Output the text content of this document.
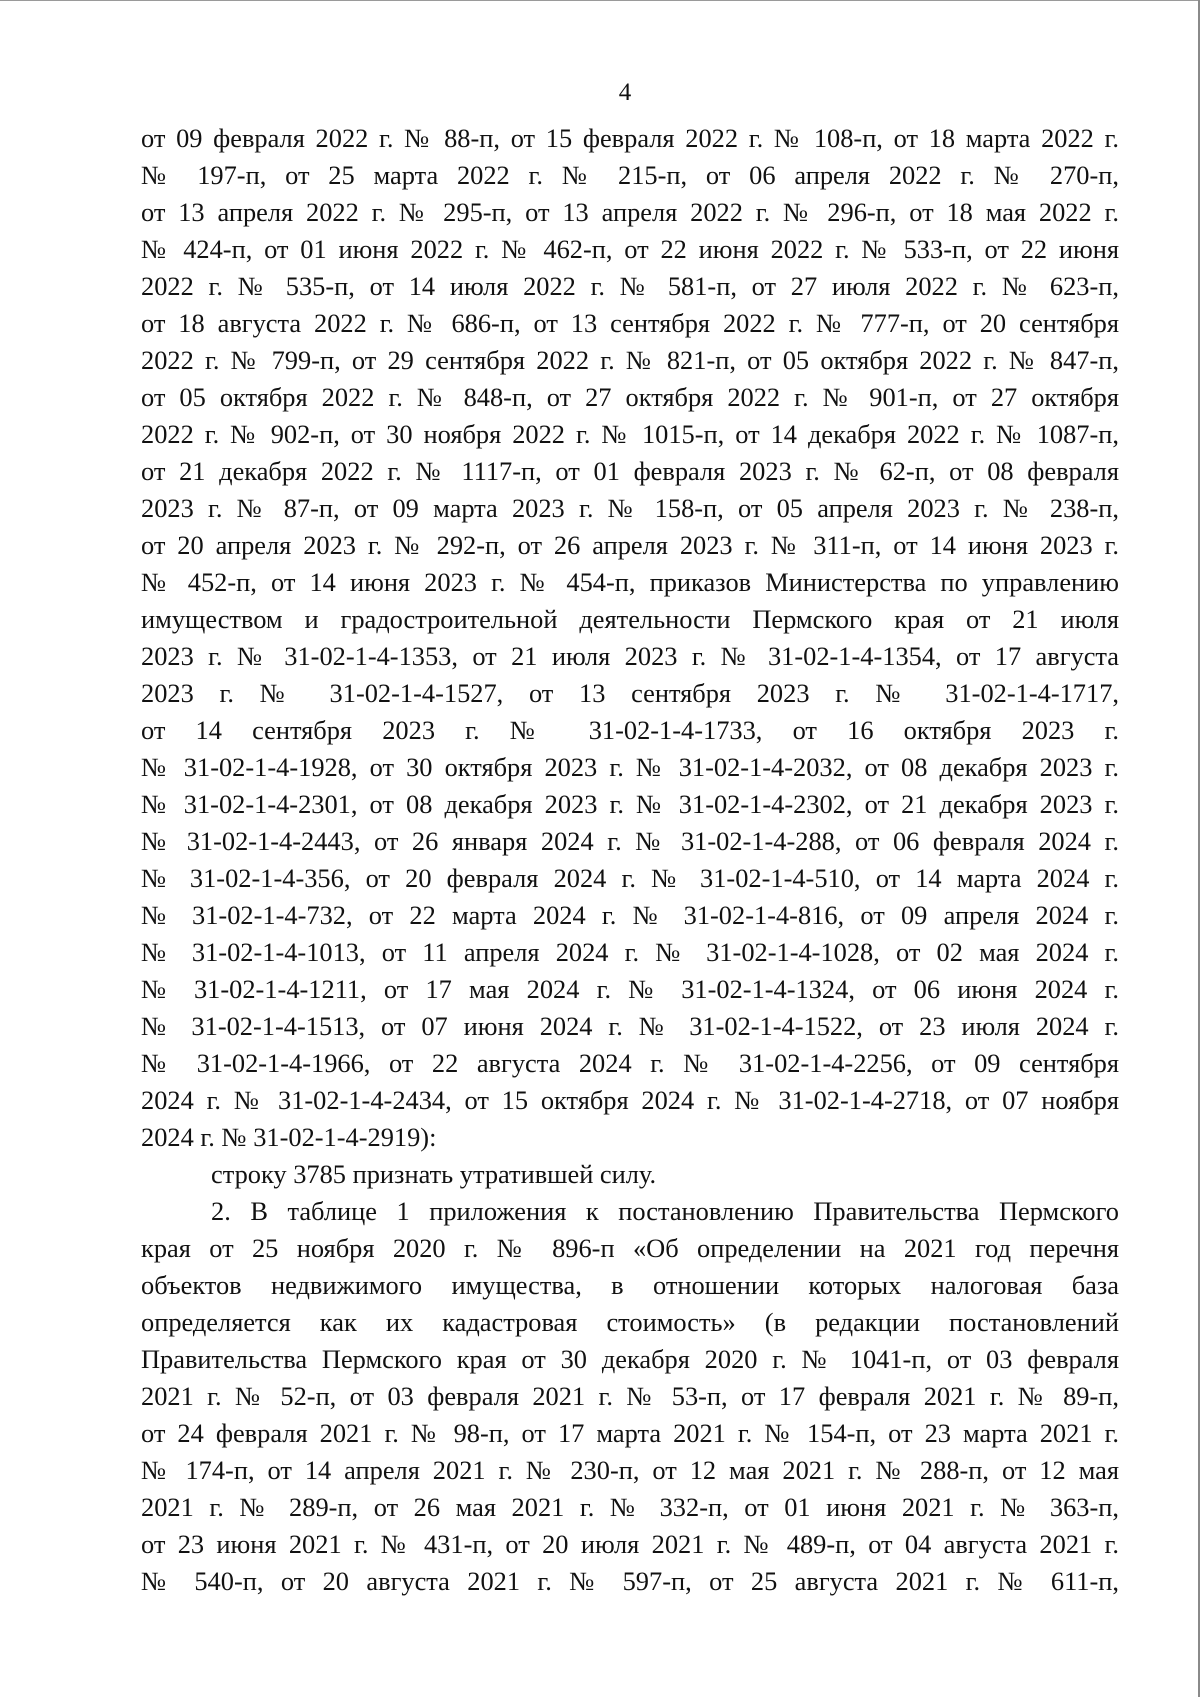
4
от 09 февраля 2022 г. № 88-п, от 15 февраля 2022 г. № 108-п, от 18 марта 2022 г.
№ 197-п, от 25 марта 2022 г. № 215-п, от 06 апреля 2022 г. № 270-п,
от 13 апреля 2022 г. № 295-п, от 13 апреля 2022 г. № 296-п, от 18 мая 2022 г.
№ 424-п, от 01 июня 2022 г. № 462-п, от 22 июня 2022 г. № 533-п, от 22 июня
2022 г. № 535-п, от 14 июля 2022 г. № 581-п, от 27 июля 2022 г. № 623-п,
от 18 августа 2022 г. № 686-п, от 13 сентября 2022 г. № 777-п, от 20 сентября
2022 г. № 799-п, от 29 сентября 2022 г. № 821-п, от 05 октября 2022 г. № 847-п,
от 05 октября 2022 г. № 848-п, от 27 октября 2022 г. № 901-п, от 27 октября
2022 г. № 902-п, от 30 ноября 2022 г. № 1015-п, от 14 декабря 2022 г. № 1087-п,
от 21 декабря 2022 г. № 1117-п, от 01 февраля 2023 г. № 62-п, от 08 февраля
2023 г. № 87-п, от 09 марта 2023 г. № 158-п, от 05 апреля 2023 г. № 238-п,
от 20 апреля 2023 г. № 292-п, от 26 апреля 2023 г. № 311-п, от 14 июня 2023 г.
№ 452-п, от 14 июня 2023 г. № 454-п, приказов Министерства по управлению
имуществом и градостроительной деятельности Пермского края от 21 июля
2023 г. № 31-02-1-4-1353, от 21 июля 2023 г. № 31-02-1-4-1354, от 17 августа
2023 г. № 31-02-1-4-1527, от 13 сентября 2023 г. № 31-02-1-4-1717,
от 14 сентября 2023 г. № 31-02-1-4-1733, от 16 октября 2023 г.
№ 31-02-1-4-1928, от 30 октября 2023 г. № 31-02-1-4-2032, от 08 декабря 2023 г.
№ 31-02-1-4-2301, от 08 декабря 2023 г. № 31-02-1-4-2302, от 21 декабря 2023 г.
№ 31-02-1-4-2443, от 26 января 2024 г. № 31-02-1-4-288, от 06 февраля 2024 г.
№ 31-02-1-4-356, от 20 февраля 2024 г. № 31-02-1-4-510, от 14 марта 2024 г.
№ 31-02-1-4-732, от 22 марта 2024 г. № 31-02-1-4-816, от 09 апреля 2024 г.
№ 31-02-1-4-1013, от 11 апреля 2024 г. № 31-02-1-4-1028, от 02 мая 2024 г.
№ 31-02-1-4-1211, от 17 мая 2024 г. № 31-02-1-4-1324, от 06 июня 2024 г.
№ 31-02-1-4-1513, от 07 июня 2024 г. № 31-02-1-4-1522, от 23 июля 2024 г.
№ 31-02-1-4-1966, от 22 августа 2024 г. № 31-02-1-4-2256, от 09 сентября
2024 г. № 31-02-1-4-2434, от 15 октября 2024 г. № 31-02-1-4-2718, от 07 ноября
2024 г. № 31-02-1-4-2919):
строку 3785 признать утратившей силу.
2. В таблице 1 приложения к постановлению Правительства Пермского
края от 25 ноября 2020 г. № 896-п «Об определении на 2021 год перечня
объектов недвижимого имущества, в отношении которых налоговая база
определяется как их кадастровая стоимость» (в редакции постановлений
Правительства Пермского края от 30 декабря 2020 г. № 1041-п, от 03 февраля
2021 г. № 52-п, от 03 февраля 2021 г. № 53-п, от 17 февраля 2021 г. № 89-п,
от 24 февраля 2021 г. № 98-п, от 17 марта 2021 г. № 154-п, от 23 марта 2021 г.
№ 174-п, от 14 апреля 2021 г. № 230-п, от 12 мая 2021 г. № 288-п, от 12 мая
2021 г. № 289-п, от 26 мая 2021 г. № 332-п, от 01 июня 2021 г. № 363-п,
от 23 июня 2021 г. № 431-п, от 20 июля 2021 г. № 489-п, от 04 августа 2021 г.
№ 540-п, от 20 августа 2021 г. № 597-п, от 25 августа 2021 г. № 611-п,
